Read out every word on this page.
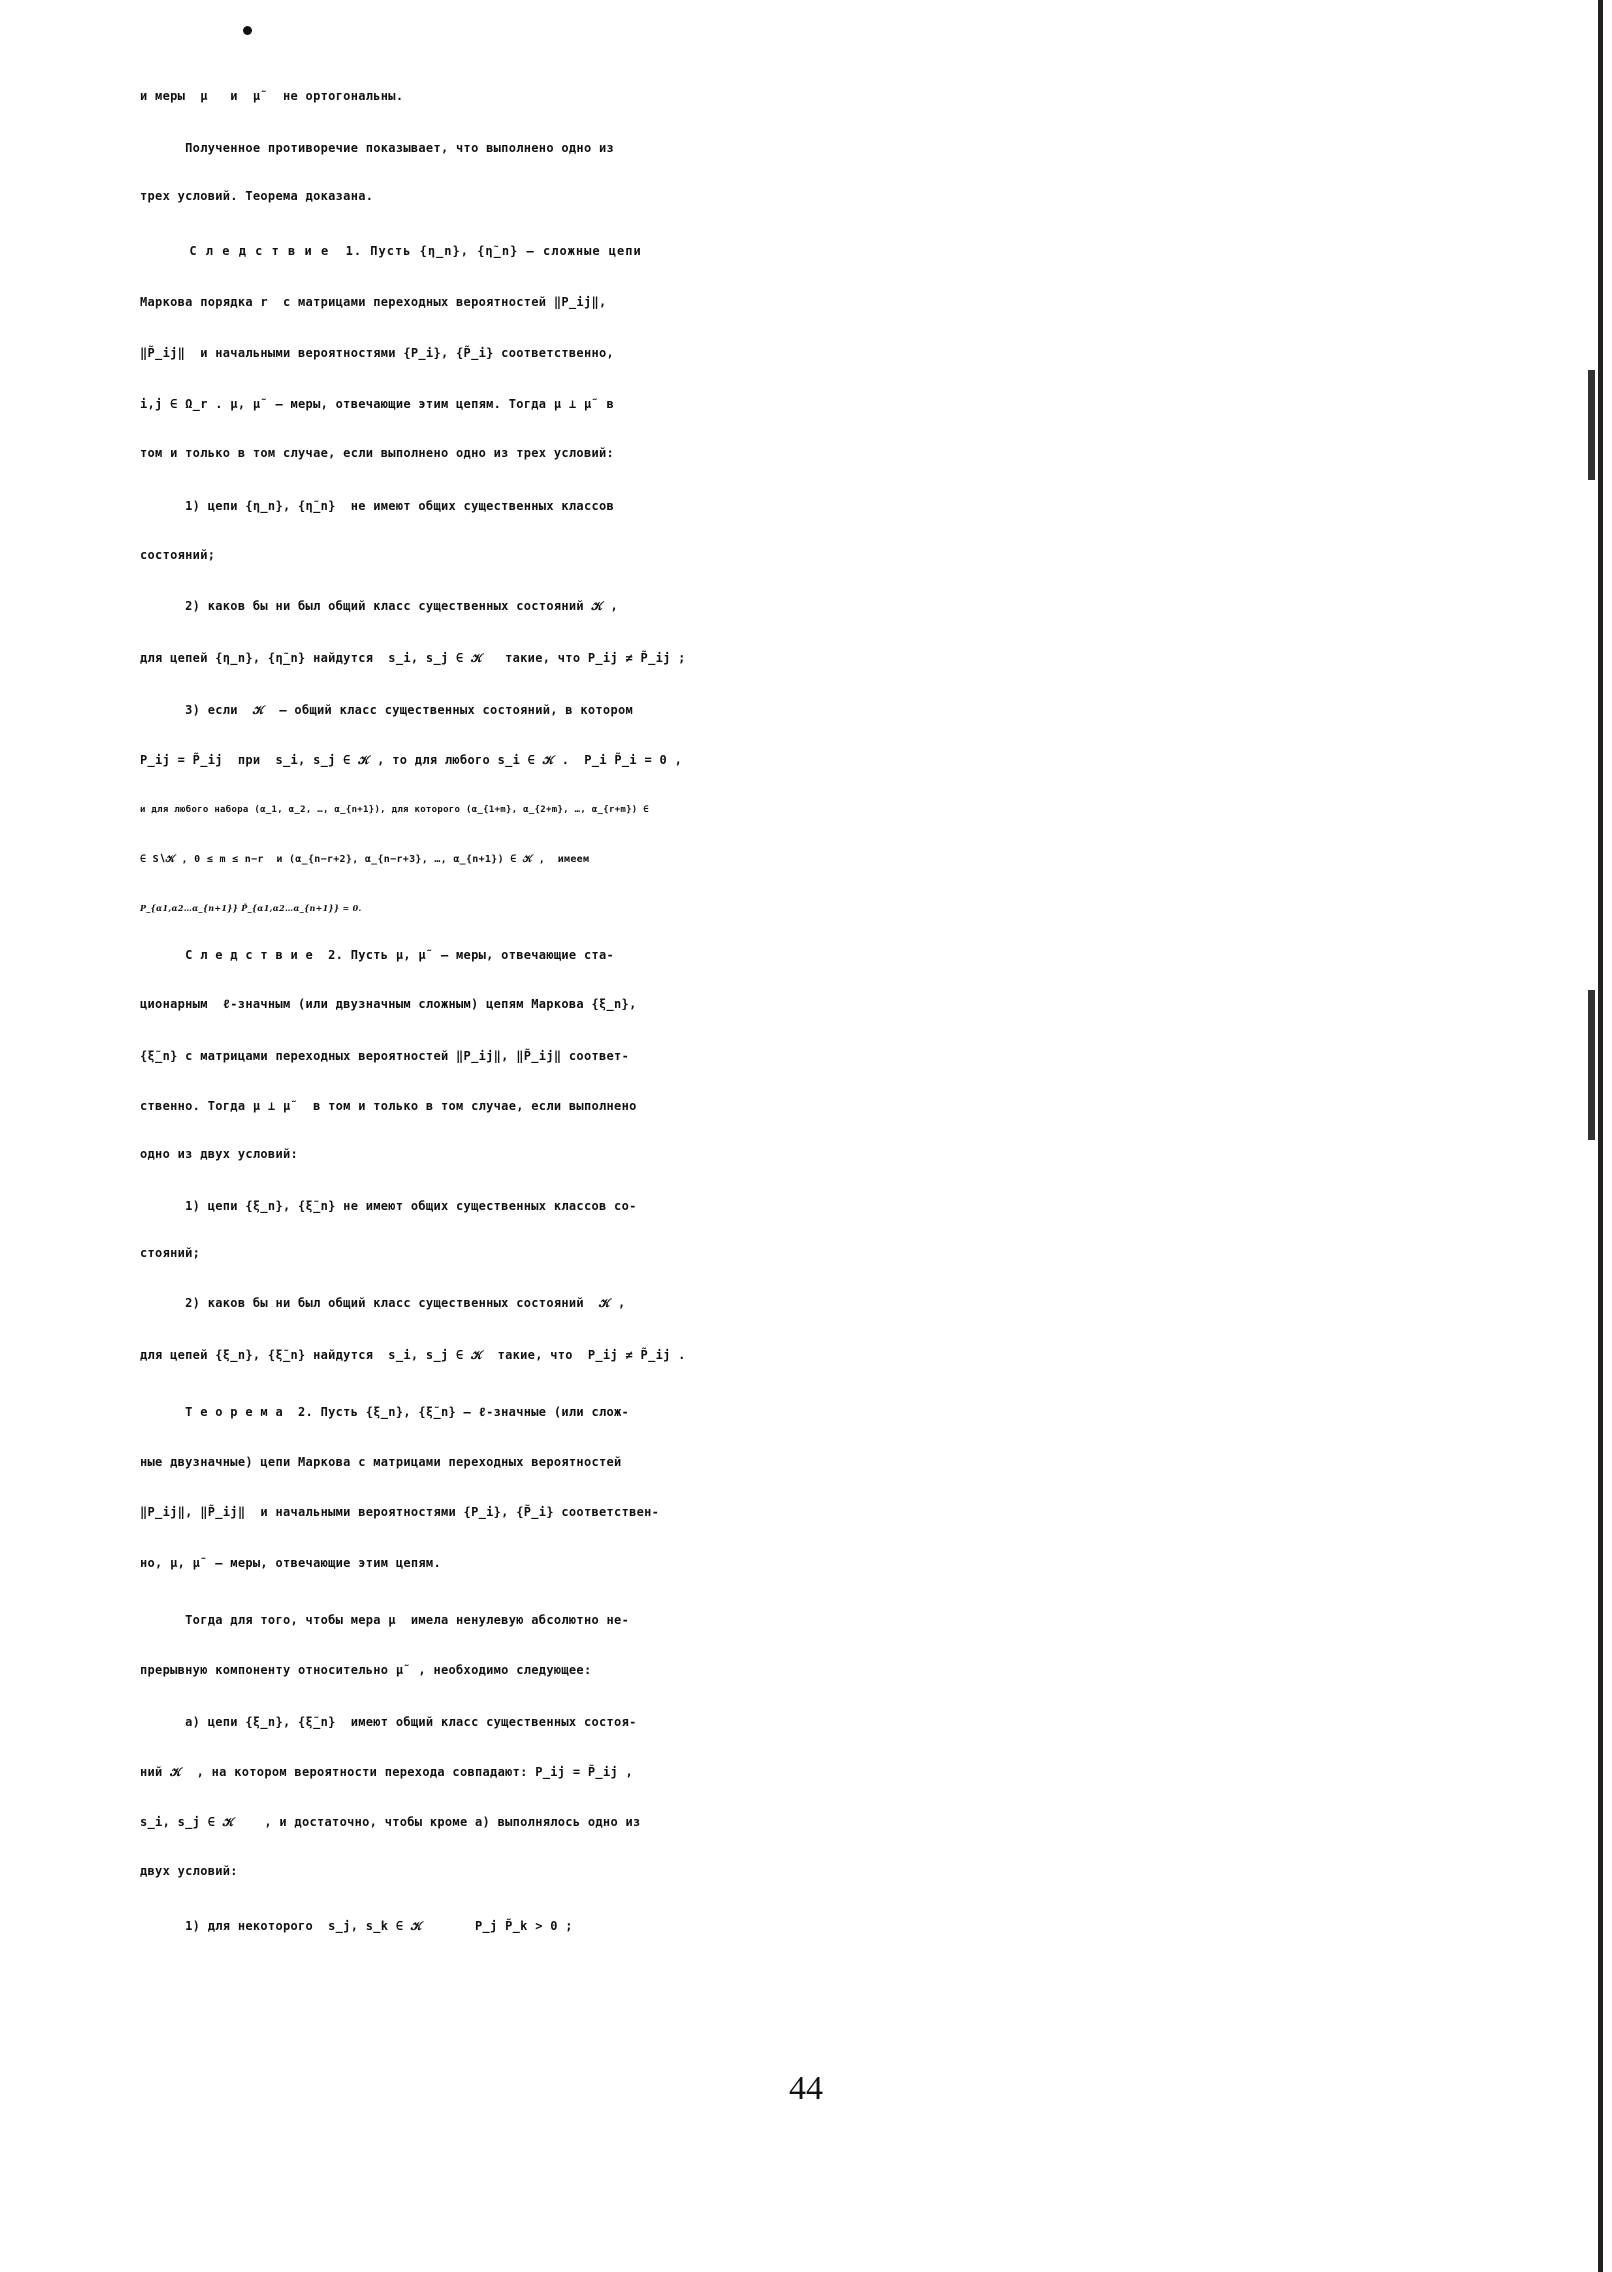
и меры  μ   и  μ̃   не ортогональны.

Полученное противоречие показывает, что выполнено одно из

трех условий. Теорема доказана.

С л е д с т в и е  1. Пусть {η_n}, {η̃_n} – сложные цепи

Маркова порядка r  с матрицами переходных вероятностей ‖P_ij‖,

‖P̃_ij‖  и начальными вероятностями {P_i}, {P̃_i} соответственно,

i,j ∈ Ω_r . μ, μ̃  – меры, отвечающие этим цепям. Тогда μ ⊥ μ̃  в

том и только в том случае, если выполнено одно из трех условий:

1) цепи {η_n}, {η̃_n}  не имеют общих существенных классов

состояний;

2) каков бы ни был общий класс существенных состояний 𝒦 ,

для цепей {η_n}, {η̃_n} найдутся  s_i, s_j ∈ 𝒦   такие, что P_ij ≠ P̃_ij ;

3) если  𝒦  – общий класс существенных состояний, в котором

P_ij = P̃_ij  при  s_i, s_j ∈ 𝒦 , то для любого s_i ∈ 𝒦 .  P_i P̃_i = 0 ,

и для любого набора (α_1, α_2, …, α_{n+1}), для которого (α_{1+m}, α_{2+m}, …, α_{r+m}) ∈

∈ S∖𝒦 , 0 ≤ m ≤ n−r  и (α_{n−r+2}, α_{n−r+3}, …, α_{n+1}) ∈ 𝒦 ,  имеем

P_{α1,α2…α_{n+1}} P̃_{α1,α2…α_{n+1}} = 0.

С л е д с т в и е  2. Пусть μ, μ̃  – меры, отвечающие ста-

ционарным  ℓ-значным (или двузначным сложным) цепям Маркова {ξ_n},

{ξ̃_n} с матрицами переходных вероятностей ‖P_ij‖, ‖P̃_ij‖ соответ-

ственно. Тогда μ ⊥ μ̃   в том и только в том случае, если выполнено

одно из двух условий:

1) цепи {ξ_n}, {ξ̃_n} не имеют общих существенных классов со-

стояний;

2) каков бы ни был общий класс существенных состояний  𝒦 ,

для цепей {ξ_n}, {ξ̃_n} найдутся  s_i, s_j ∈ 𝒦  такие, что  P_ij ≠ P̃_ij .

Т е о р е м а  2. Пусть {ξ_n}, {ξ̃_n} – ℓ-значные (или слож-

ные двузначные) цепи Маркова с матрицами переходных вероятностей

‖P_ij‖, ‖P̃_ij‖  и начальными вероятностями {P_i}, {P̃_i} соответствен-

но, μ, μ̃  – меры, отвечающие этим цепям.

Тогда для того, чтобы мера μ  имела ненулевую абсолютно не-

прерывную компоненту относительно μ̃  , необходимо следующее:

а) цепи {ξ_n}, {ξ̃_n}  имеют общий класс существенных состоя-

ний 𝒦  , на котором вероятности перехода совпадают: P_ij = P̃_ij ,

s_i, s_j ∈ 𝒦    , и достаточно, чтобы кроме а) выполнялось одно из

двух условий:

1) для некоторого  s_j, s_k ∈ 𝒦       P_j P̃_k > 0 ;

44
